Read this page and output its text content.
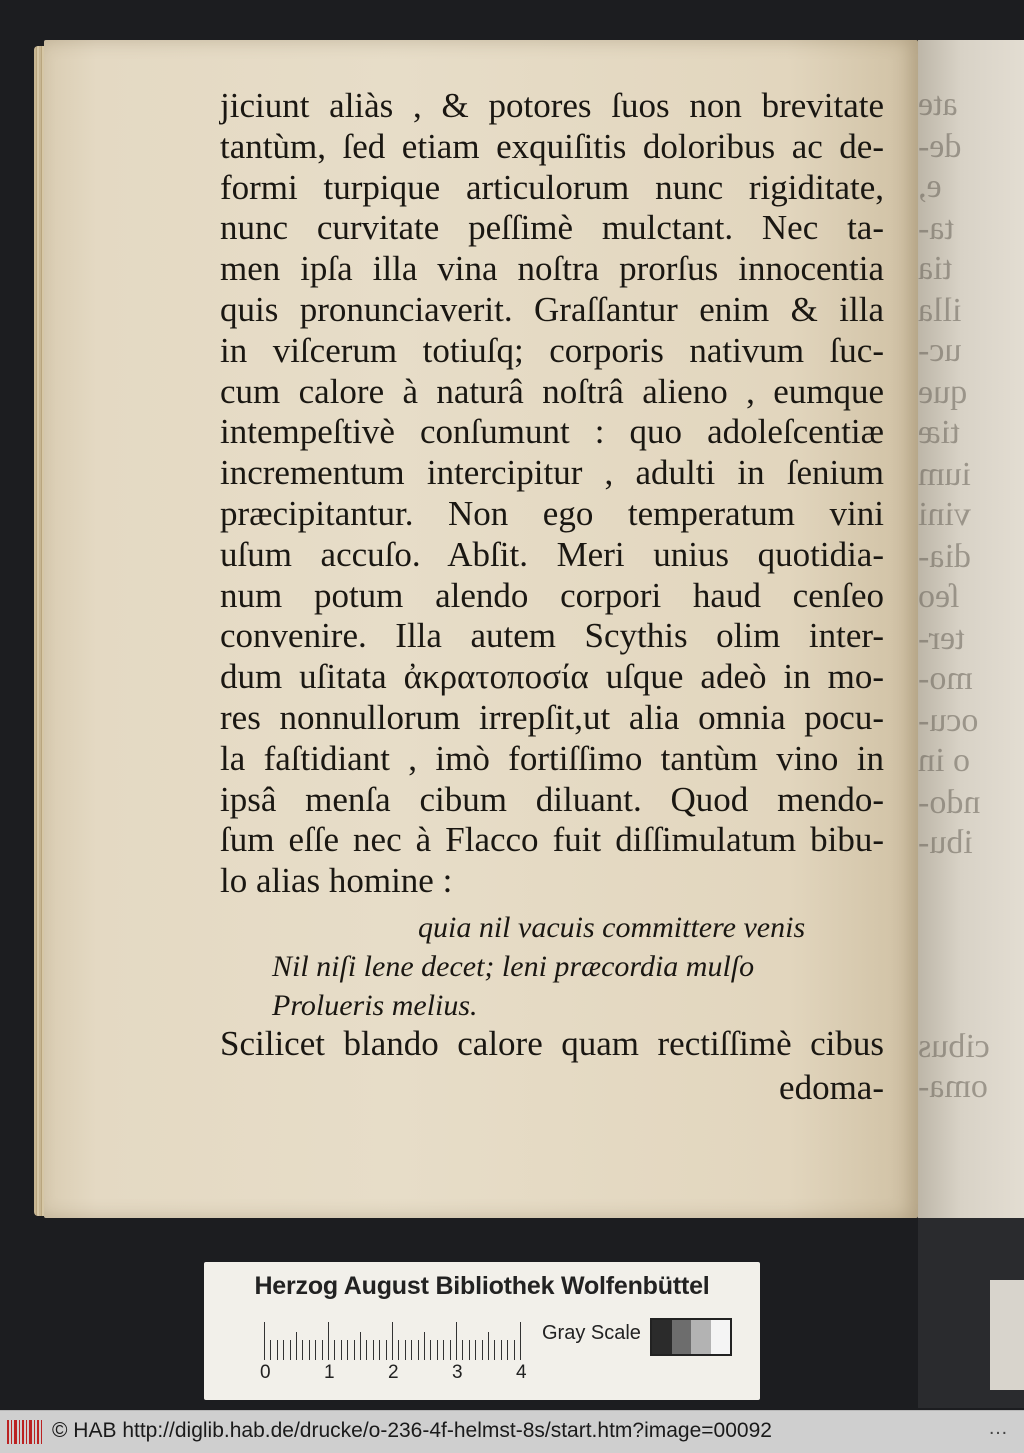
ate
de-
e,
ta-
tia
illa
uc-
que
tiæ
ium
vini
dia-
ſeo
ter-
mo-
ocu-
o in
ndo-
ibu-
cibus
oma-
jiciunt aliàs , & potores ſuos non brevitate
tantùm, ſed etiam exquiſitis doloribus ac de-
formi turpique articulorum nunc rigiditate,
nunc curvitate peſſimè mulctant. Nec ta-
men ipſa illa vina noſtra prorſus innocentia
quis pronunciaverit. Graſſantur enim & illa
in viſcerum totiuſq; corporis nativum ſuc-
cum calore à naturâ noſtrâ alieno , eumque
intempeſtivè conſumunt : quo adoleſcentiæ
incrementum intercipitur , adulti in ſenium
præcipitantur. Non ego temperatum vini
uſum accuſo. Abſit. Meri unius quotidia-
num potum alendo corpori haud cenſeo
convenire. Illa autem Scythis olim inter-
dum uſitata ἀκρατοποσία uſque adeò in mo-
res nonnullorum irrepſit,ut alia omnia pocu-
la faſtidiant , imò fortiſſimo tantùm vino in
ipsâ menſa cibum diluant. Quod mendo-
ſum eſſe nec à Flacco fuit diſſimulatum bibu-
lo alias homine :
quia nil vacuis committere venis
Nil niſi lene decet; leni præcordia mulſo
Prolueris melius.
Scilicet blando calore quam rectiſſimè cibus
edoma-
Herzog August Bibliothek Wolfenbüttel
0	1	2	3	4
Gray Scale
© HAB http://diglib.hab.de/drucke/o-236-4f-helmst-8s/start.htm?image=00092	…
